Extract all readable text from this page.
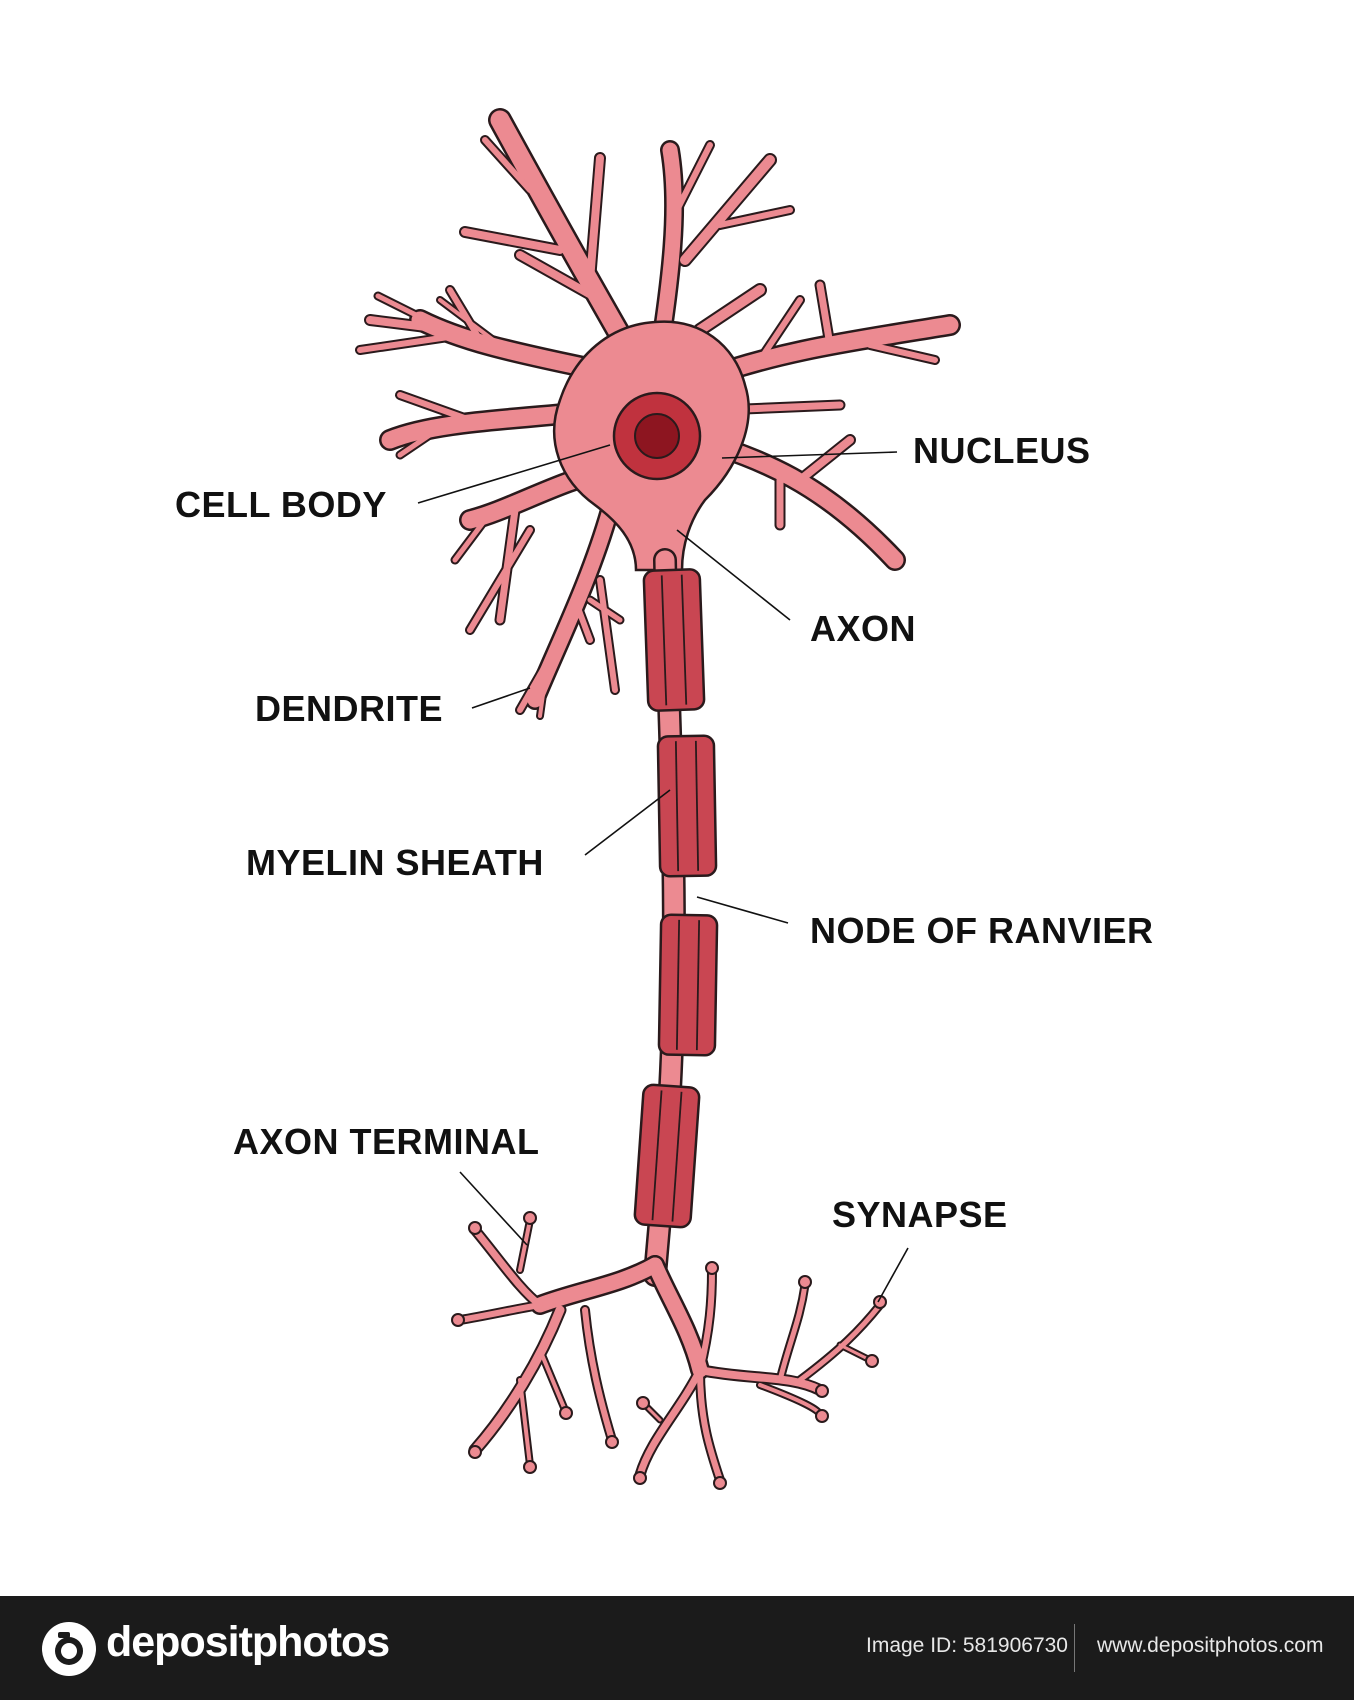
CELL BODY
NUCLEUS
AXON
DENDRITE
MYELIN SHEATH
NODE OF RANVIER
AXON TERMINAL
SYNAPSE
depositphotos	Image ID: 581906730 www.depositphotos.com
